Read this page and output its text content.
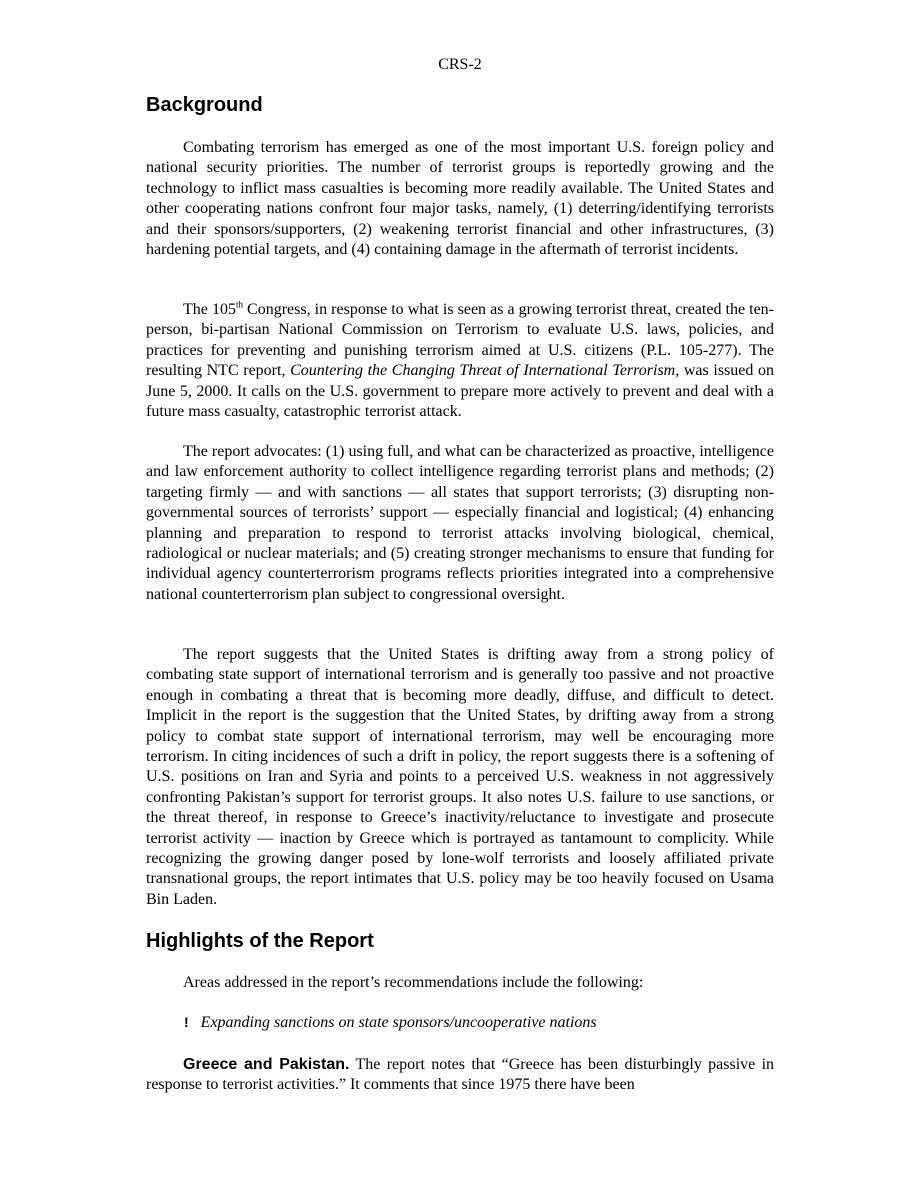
CRS-2
Background

Combating terrorism has emerged as one of the most important U.S. foreign policy and national security priorities. The number of terrorist groups is reportedly growing and the technology to inflict mass casualties is becoming more readily available. The United States and other cooperating nations confront four major tasks, namely, (1) deterring/identifying terrorists and their sponsors/supporters, (2) weakening terrorist financial and other infrastructures, (3) hardening potential targets, and (4) containing damage in the aftermath of terrorist incidents.

The 105th Congress, in response to what is seen as a growing terrorist threat, created the ten-person, bi-partisan National Commission on Terrorism to evaluate U.S. laws, policies, and practices for preventing and punishing terrorism aimed at U.S. citizens (P.L. 105-277). The resulting NTC report, Countering the Changing Threat of International Terrorism, was issued on June 5, 2000. It calls on the U.S. government to prepare more actively to prevent and deal with a future mass casualty, catastrophic terrorist attack.

The report advocates: (1) using full, and what can be characterized as proactive, intelligence and law enforcement authority to collect intelligence regarding terrorist plans and methods; (2) targeting firmly — and with sanctions — all states that support terrorists; (3) disrupting non-governmental sources of terrorists’ support — especially financial and logistical; (4) enhancing planning and preparation to respond to terrorist attacks involving biological, chemical, radiological or nuclear materials; and (5) creating stronger mechanisms to ensure that funding for individual agency counterterrorism programs reflects priorities integrated into a comprehensive national counterterrorism plan subject to congressional oversight.

The report suggests that the United States is drifting away from a strong policy of combating state support of international terrorism and is generally too passive and not proactive enough in combating a threat that is becoming more deadly, diffuse, and difficult to detect. Implicit in the report is the suggestion that the United States, by drifting away from a strong policy to combat state support of international terrorism, may well be encouraging more terrorism. In citing incidences of such a drift in policy, the report suggests there is a softening of U.S. positions on Iran and Syria and points to a perceived U.S. weakness in not aggressively confronting Pakistan’s support for terrorist groups. It also notes U.S. failure to use sanctions, or the threat thereof, in response to Greece’s inactivity/reluctance to investigate and prosecute terrorist activity — inaction by Greece which is portrayed as tantamount to complicity. While recognizing the growing danger posed by lone-wolf terrorists and loosely affiliated private transnational groups, the report intimates that U.S. policy may be too heavily focused on Usama Bin Laden.

Highlights of the Report

Areas addressed in the report’s recommendations include the following:

! Expanding sanctions on state sponsors/uncooperative nations

Greece and Pakistan. The report notes that “Greece has been disturbingly passive in response to terrorist activities.” It comments that since 1975 there have been
